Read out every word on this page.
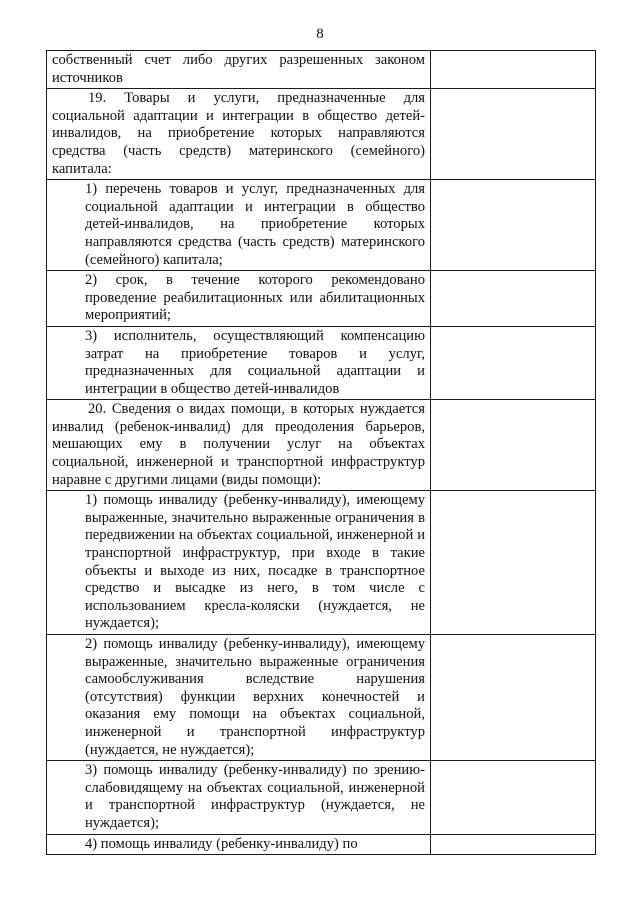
8
собственный счет либо других разрешенных законом источников	

19. Товары и услуги, предназначенные для социальной адаптации и интеграции в общество детей-инвалидов, на приобретение которых направляются средства (часть средств) материнского (семейного) капитала:	

1) перечень товаров и услуг, предназначенных для социальной адаптации и интеграции в общество детей-инвалидов, на приобретение которых направляются средства (часть средств) материнского (семейного) капитала;	

2) срок, в течение которого рекомендовано проведение реабилитационных или абилитационных мероприятий;	

3) исполнитель, осуществляющий компенсацию затрат на приобретение товаров и услуг, предназначенных для социальной адаптации и интеграции в общество детей-инвалидов	

20. Сведения о видах помощи, в которых нуждается инвалид (ребенок-инвалид) для преодоления барьеров, мешающих ему в получении услуг на объектах социальной, инженерной и транспортной инфраструктур наравне с другими лицами (виды помощи):	

1) помощь инвалиду (ребенку-инвалиду), имеющему выраженные, значительно выраженные ограничения в передвижении на объектах социальной, инженерной и транспортной инфраструктур, при входе в такие объекты и выходе из них, посадке в транспортное средство и высадке из него, в том числе с использованием кресла-коляски (нуждается, не нуждается);	

2) помощь инвалиду (ребенку-инвалиду), имеющему выраженные, значительно выраженные ограничения самообслуживания вследствие нарушения (отсутствия) функции верхних конечностей и оказания ему помощи на объектах социальной, инженерной и транспортной инфраструктур (нуждается, не нуждается);	

3) помощь инвалиду (ребенку-инвалиду) по зрению-слабовидящему на объектах социальной, инженерной и транспортной инфраструктур (нуждается, не нуждается);	

4) помощь инвалиду (ребенку-инвалиду) по	
